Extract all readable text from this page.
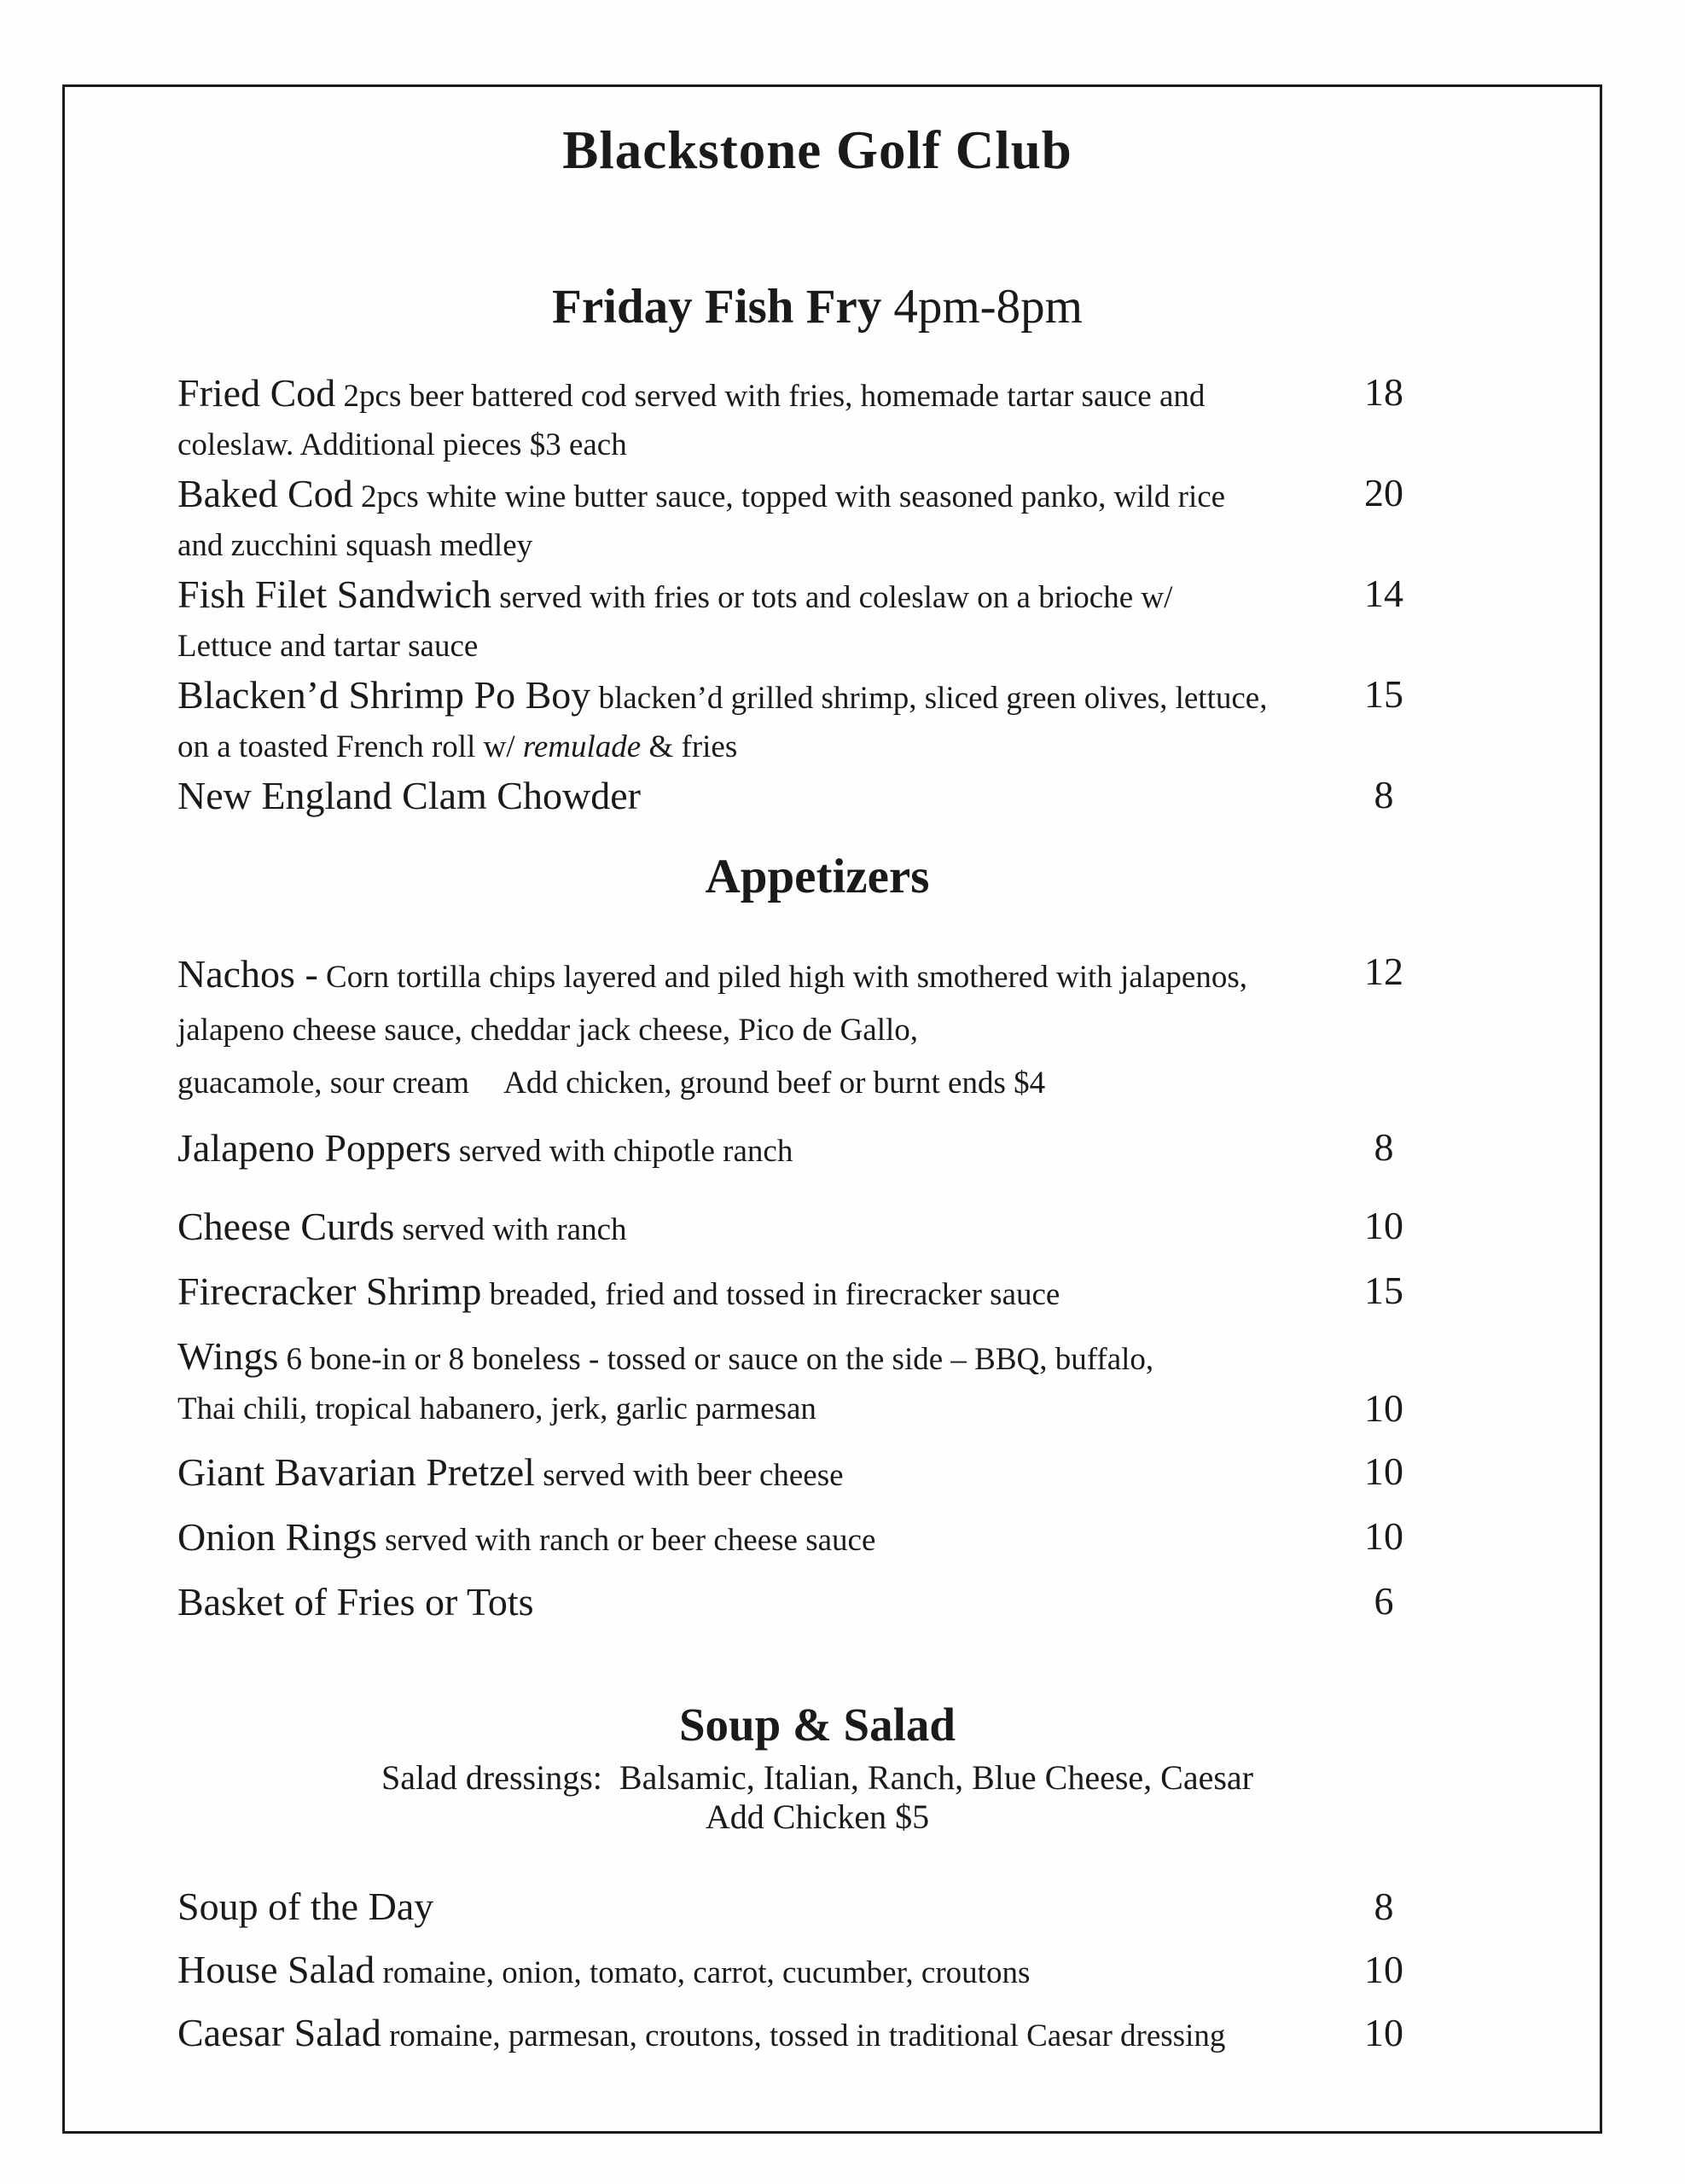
Blackstone Golf Club
Friday Fish Fry 4pm-8pm
Fried Cod 2pcs beer battered cod served with fries, homemade tartar sauce and	18
coleslaw. Additional pieces $3 each
Baked Cod 2pcs white wine butter sauce, topped with seasoned panko, wild rice	20
and zucchini squash medley
Fish Filet Sandwich served with fries or tots and coleslaw on a brioche w/	14
Lettuce and tartar sauce
Blacken’d Shrimp Po Boy blacken’d grilled shrimp, sliced green olives, lettuce,	15
on a toasted French roll w/ remulade & fries
New England Clam Chowder	8
Appetizers
Nachos - Corn tortilla chips layered and piled high with smothered with jalapenos,	12
jalapeno cheese sauce, cheddar jack cheese, Pico de Gallo,
guacamole, sour cream Add chicken, ground beef or burnt ends $4
Jalapeno Poppers served with chipotle ranch	8
Cheese Curds served with ranch	10
Firecracker Shrimp breaded, fried and tossed in firecracker sauce	15
Wings 6 bone-in or 8 boneless - tossed or sauce on the side – BBQ, buffalo,
Thai chili, tropical habanero, jerk, garlic parmesan	10
Giant Bavarian Pretzel served with beer cheese	10
Onion Rings served with ranch or beer cheese sauce	10
Basket of Fries or Tots	6
Soup & Salad

Salad dressings:  Balsamic, Italian, Ranch, Blue Cheese, Caesar

Add Chicken $5

Soup of the Day	8
House Salad romaine, onion, tomato, carrot, cucumber, croutons	10
Caesar Salad romaine, parmesan, croutons, tossed in traditional Caesar dressing	10
